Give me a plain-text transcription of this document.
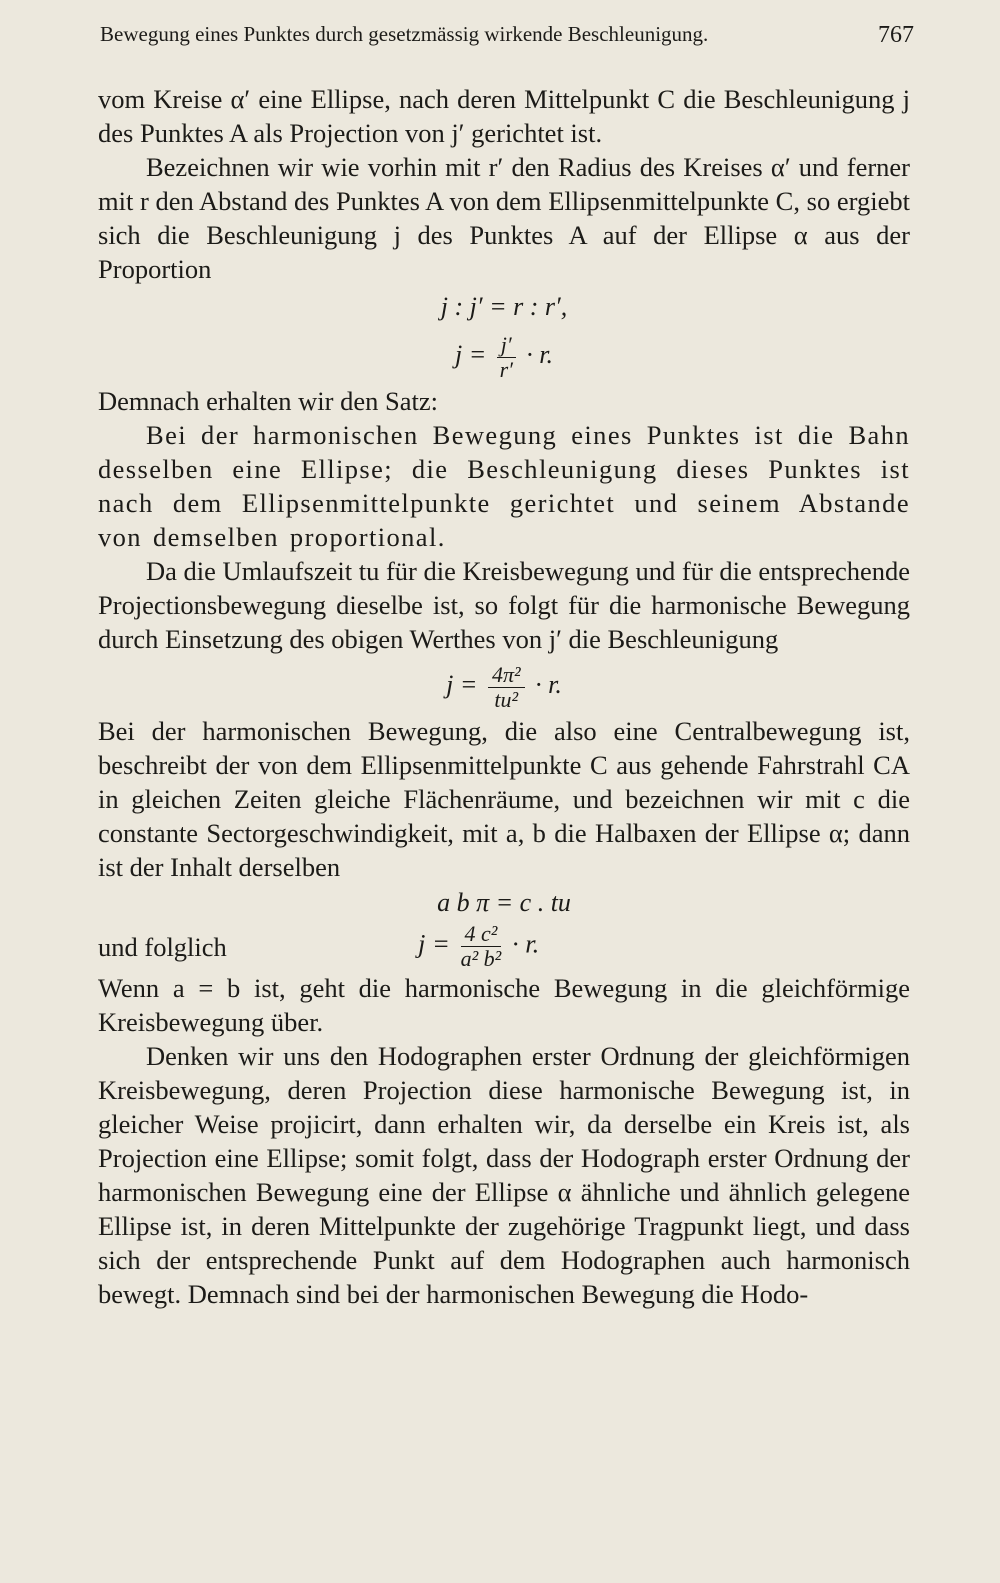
Bewegung eines Punktes durch gesetzmässig wirkende Beschleunigung.	767

vom Kreise α′ eine Ellipse, nach deren Mittelpunkt C die Beschleunigung j des Punktes A als Projection von j′ gerichtet ist.

Bezeichnen wir wie vorhin mit r′ den Radius des Kreises α′ und ferner mit r den Abstand des Punktes A von dem Ellipsenmittelpunkte C, so ergiebt sich die Beschleunigung j des Punktes A auf der Ellipse α aus der Proportion

j : j′ = r : r′,
$j = \frac{j'}{r'} \cdot r$.

Demnach erhalten wir den Satz:

Bei der harmonischen Bewegung eines Punktes ist die Bahn desselben eine Ellipse; die Beschleunigung dieses Punktes ist nach dem Ellipsenmittelpunkte gerichtet und seinem Abstande von demselben proportional.

Da die Umlaufszeit tu für die Kreisbewegung und für die entsprechende Projectionsbewegung dieselbe ist, so folgt für die harmonische Bewegung durch Einsetzung des obigen Werthes von j′ die Beschleunigung

$j = \frac{\text{4π²}}{\text{tu²}} \cdot r$.

Bei der harmonischen Bewegung, die also eine Centralbewegung ist, beschreibt der von dem Ellipsenmittelpunkte C aus gehende Fahrstrahl CA in gleichen Zeiten gleiche Flächenräume, und bezeichnen wir mit c die constante Sectorgeschwindigkeit, mit a, b die Halbaxen der Ellipse α; dann ist der Inhalt derselben

a b π = c . tu
und folglich	$j = \frac{\text{4 c²}}{\text{a² b²}} \cdot r$.

Wenn a = b ist, geht die harmonische Bewegung in die gleichförmige Kreisbewegung über.

Denken wir uns den Hodographen erster Ordnung der gleichförmigen Kreisbewegung, deren Projection diese harmonische Bewegung ist, in gleicher Weise projicirt, dann erhalten wir, da derselbe ein Kreis ist, als Projection eine Ellipse; somit folgt, dass der Hodograph erster Ordnung der harmonischen Bewegung eine der Ellipse α ähnliche und ähnlich gelegene Ellipse ist, in deren Mittelpunkte der zugehörige Tragpunkt liegt, und dass sich der entsprechende Punkt auf dem Hodographen auch harmonisch bewegt. Demnach sind bei der harmonischen Bewegung die Hodo-
